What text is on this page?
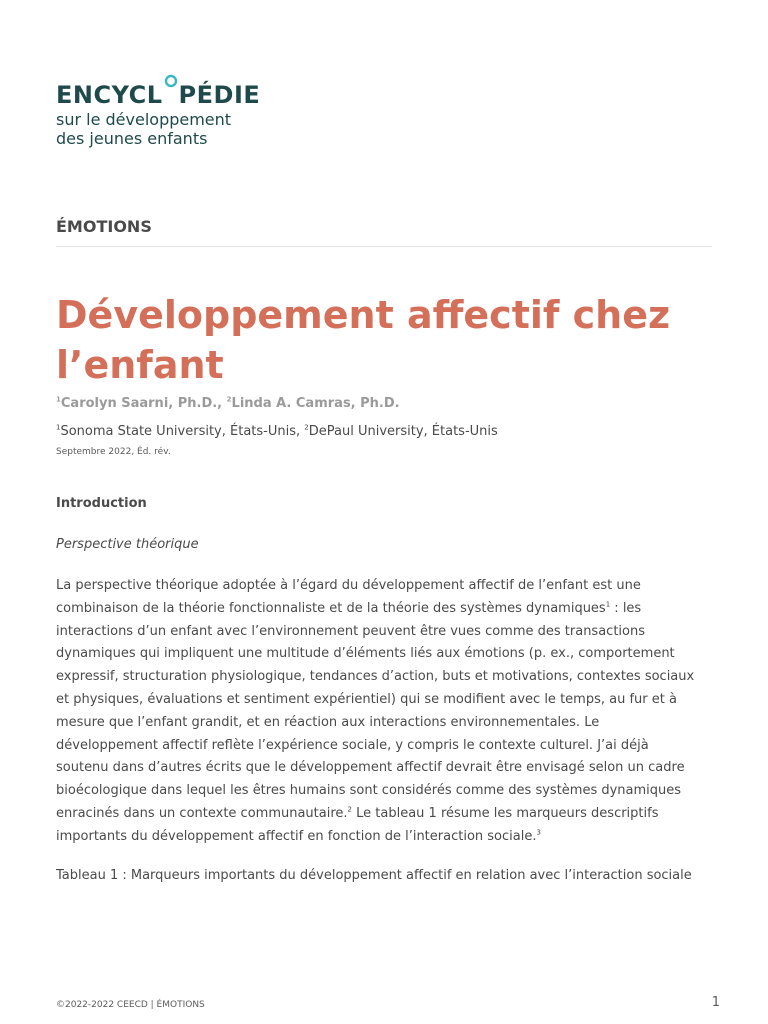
ENCYCL PÉDIE
sur le développement
des jeunes enfants
ÉMOTIONS
Développement affectif chez l’enfant
$^1$Carolyn Saarni, Ph.D., $^2$Linda A. Camras, Ph.D.
$^1$Sonoma State University, États-Unis, $^2$DePaul University, États-Unis
Septembre 2022, Éd. rév.
Introduction
Perspective théorique
La perspective théorique adoptée à l’égard du développement affectif de l’enfant est une
combinaison de la théorie fonctionnaliste et de la théorie des systèmes dynamiques$^1$ : les
interactions d’un enfant avec l’environnement peuvent être vues comme des transactions
dynamiques qui impliquent une multitude d’éléments liés aux émotions (p. ex., comportement
expressif, structuration physiologique, tendances d’action, buts et motivations, contextes sociaux
et physiques, évaluations et sentiment expérientiel) qui se modifient avec le temps, au fur et à
mesure que l’enfant grandit, et en réaction aux interactions environnementales. Le
développement affectif reflète l’expérience sociale, y compris le contexte culturel. J’ai déjà
soutenu dans d’autres écrits que le développement affectif devrait être envisagé selon un cadre
bioécologique dans lequel les êtres humains sont considérés comme des systèmes dynamiques
enracinés dans un contexte communautaire.$^2$ Le tableau 1 résume les marqueurs descriptifs
importants du développement affectif en fonction de l’interaction sociale.$^3$
Tableau 1 : Marqueurs importants du développement affectif en relation avec l’interaction sociale
©2022-2022 CEECD | ÉMOTIONS	1
